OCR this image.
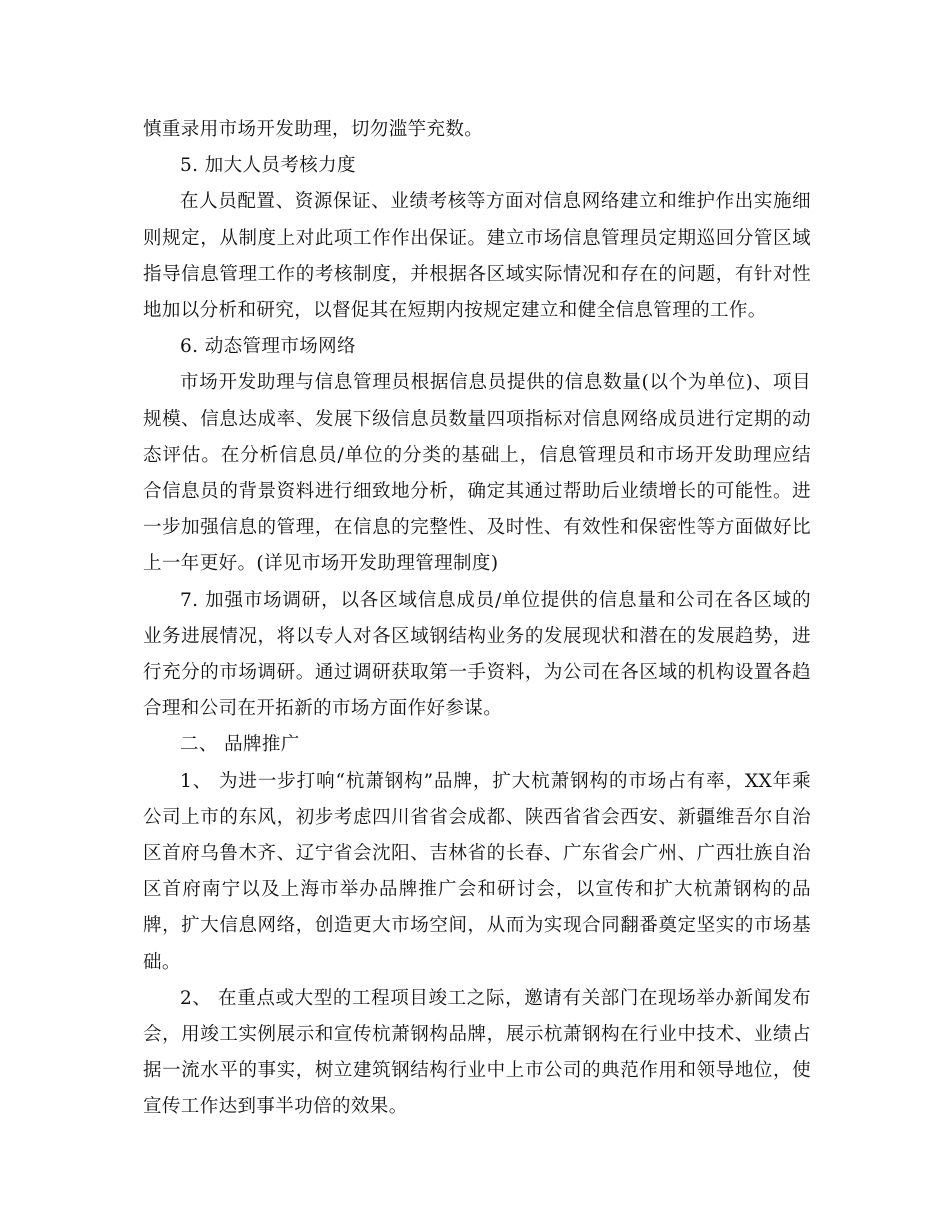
慎重录用市场开发助理，切勿滥竽充数。

5. 加大人员考核力度

在人员配置、资源保证、业绩考核等方面对信息网络建立和维护作出实施细则规定，从制度上对此项工作作出保证。建立市场信息管理员定期巡回分管区域指导信息管理工作的考核制度，并根据各区域实际情况和存在的问题，有针对性地加以分析和研究，以督促其在短期内按规定建立和健全信息管理的工作。

6. 动态管理市场网络

市场开发助理与信息管理员根据信息员提供的信息数量(以个为单位)、项目规模、信息达成率、发展下级信息员数量四项指标对信息网络成员进行定期的动态评估。在分析信息员/单位的分类的基础上，信息管理员和市场开发助理应结合信息员的背景资料进行细致地分析，确定其通过帮助后业绩增长的可能性。进一步加强信息的管理，在信息的完整性、及时性、有效性和保密性等方面做好比上一年更好。(详见市场开发助理管理制度)

7. 加强市场调研，以各区域信息成员/单位提供的信息量和公司在各区域的业务进展情况，将以专人对各区域钢结构业务的发展现状和潜在的发展趋势，进行充分的市场调研。通过调研获取第一手资料，为公司在各区域的机构设置各趋合理和公司在开拓新的市场方面作好参谋。

二、 品牌推广

1、 为进一步打响“杭萧钢构”品牌，扩大杭萧钢构的市场占有率，XX年乘公司上市的东风，初步考虑四川省省会成都、陕西省省会西安、新疆维吾尔自治区首府乌鲁木齐、辽宁省会沈阳、吉林省的长春、广东省会广州、广西壮族自治区首府南宁以及上海市举办品牌推广会和研讨会，以宣传和扩大杭萧钢构的品牌，扩大信息网络，创造更大市场空间，从而为实现合同翻番奠定坚实的市场基础。

2、 在重点或大型的工程项目竣工之际，邀请有关部门在现场举办新闻发布会，用竣工实例展示和宣传杭萧钢构品牌，展示杭萧钢构在行业中技术、业绩占据一流水平的事实，树立建筑钢结构行业中上市公司的典范作用和领导地位，使宣传工作达到事半功倍的效果。
